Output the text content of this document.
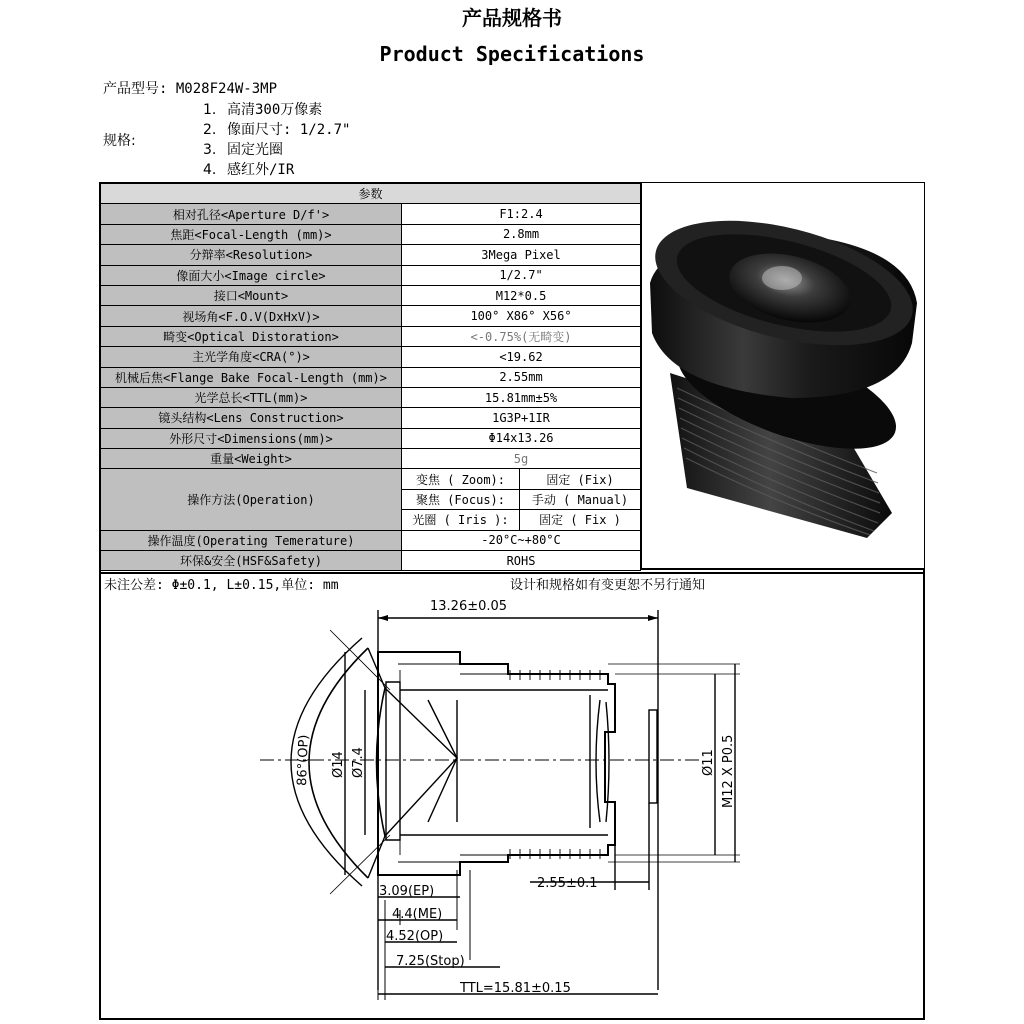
产品规格书
Product Specifications
产品型号: M028F24W-3MP
规格:
1. 高清300万像素
2. 像面尺寸: 1/2.7"
3. 固定光圈
4. 感红外/IR
参数		
相对孔径<Aperture D/f'>	F1:2.4	
焦距<Focal-Length (mm)>	2.8mm	
分辩率<Resolution>	3Mega Pixel	
像面大小<Image circle>	1/2.7"	
接口<Mount>	M12*0.5	
视场角<F.O.V(DxHxV)>	100° X86° X56°	
畸变<Optical Distoration>	<-0.75%(无畸变)	
主光学角度<CRA(°)>	<19.62	
机械后焦<Flange Bake Focal-Length (mm)>	2.55mm	
光学总长<TTL(mm)>	15.81mm±5%	
镜头结构<Lens Construction>	1G3P+1IR	
外形尺寸<Dimensions(mm)>	Φ14x13.26	
重量<Weight>	5g	
操作方法(Operation)	变焦 ( Zoom):	固定 (Fix)
	聚焦 (Focus):	手动 ( Manual)
	光圈 ( Iris ):	固定 ( Fix )
操作温度(Operating Temerature)	-20°C~+80°C	
环保&安全(HSF&Safety)	ROHS	
未注公差: Φ±0.1, L±0.15,单位: mm	设计和规格如有变更恕不另行通知
13.26±0.05
86°(OP) Ø14 Ø7.4	Ø11 M12 X P0.5
2.55±0.1
3.09(EP)
4.4(ME)
4.52(OP)
7.25(Stop)
TTL=15.81±0.15
